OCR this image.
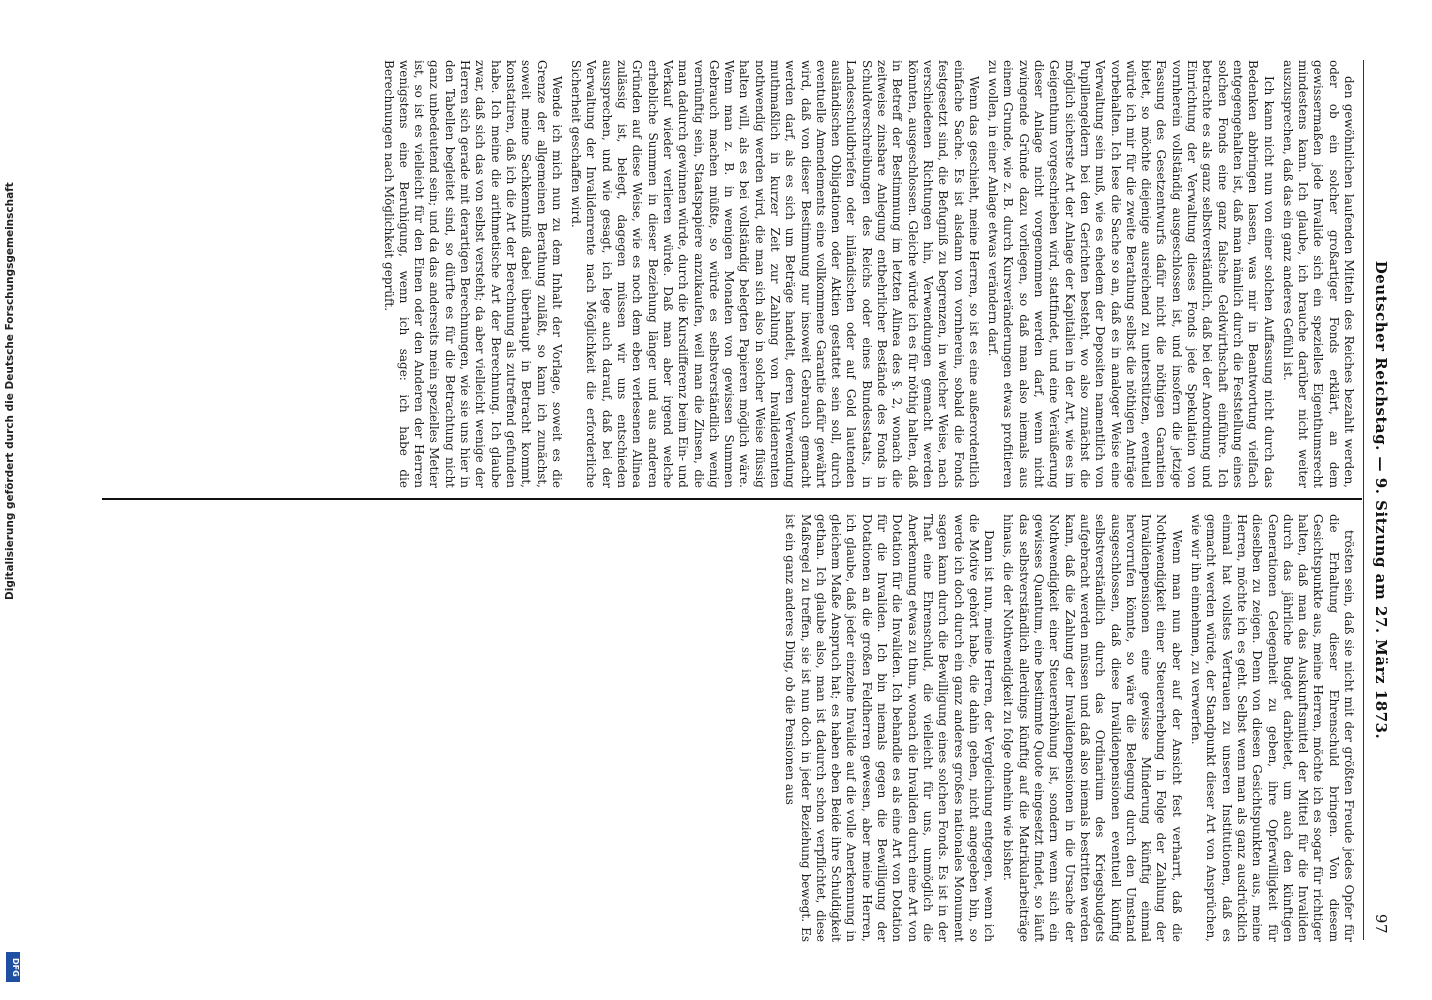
Deutscher Reichstag. — 9. Sitzung am 27. März 1873.
97

den gewöhnlichen laufenden Mitteln des Reiches bezahlt werden, oder ob ein solcher großartiger Fonds erklärt, an dem gewissermaßen jede Invalide sich ein spezielles Eigenthumsrecht mindestens kann. Ich glaube, ich brauche darüber nicht weiter auszusprechen, daß das ein ganz anderes Gefühl ist.

Ich kann nicht nun von einer solchen Auffassung nicht durch das Bedenken abbringen lassen, was mir in Beantwortung vielfach entgegengehalten ist, daß man nämlich durch die Feststellung eines solchen Fonds eine ganz falsche Geldwirthschaft einführe. Ich betrachte es als ganz selbstverständlich, daß bei der Anordnung und Einrichtung der Verwaltung dieses Fonds jede Spekulation von vornherein vollständig ausgeschlossen ist, und insofern die jetzige Fassung des Gesetzentwurfs dafür nicht die nöthigen Garantien bietet, so möchte diejenige ausreichend zu unterstützen, eventuell würde ich mir für die zweite Berathung selbst die nöthigen Anträge vorbehalten. Ich lese die Sache so an, daß es in analoger Weise eine Verwaltung sein muß, wie es ehedem der Depositen namentlich von Pupillengeldern bei den Gerichten besteht, wo also zunächst die möglich sicherste Art der Anlage der Kapitalien in der Art, wie es im Geigenthum vorgeschrieben wird, stattfindet, und eine Veräußerung dieser Anlage nicht vorgenommen werden darf, wenn nicht zwingende Gründe dazu vorliegen, so daß man also niemals aus einem Grunde, wie z. B. durch Kursveränderungen etwas profitieren zu wollen, in einer Anlage etwas verändern darf.

Wenn das geschieht, meine Herren, so ist es eine außerordentlich einfache Sache. Es ist alsdann von vornherein, sobald die Fonds festgesetzt sind, die Befugniß zu begrenzen, in welcher Weise, nach verschiedenen Richtungen hin, Verwendungen gemacht werden könnten, ausgeschlossen. Gleiche würde ich es für nöthig halten, daß in Betreff der Bestimmung im letzten Alinea des §. 2, wonach die zeitweise zinsbare Anlegung entbehrlicher Bestände des Fonds in Schuldverschreibungen des Reichs oder eines Bundesstaats, in Landesschuldbriefen oder inländischen oder auf Gold lautenden ausländischen Obligationen oder Aktien gestattet sein soll, durch eventuelle Amendements eine vollkommene Garantie dafür gewährt wird, daß von dieser Bestimmung nur insoweit Gebrauch gemacht werden darf, als es sich um Beträge handelt, deren Verwendung muthmaßlich in kurzer Zeit zur Zahlung von Invalidenrenten nothwendig werden wird, die man sich also in solcher Weise flüssig halten will, als es bei vollständig belegten Papieren möglich wäre. Wenn man z. B. in wenigen Monaten von gewissen Summen Gebrauch machen müßte, so würde es selbstverständlich wenig vernünftig sein, Staatspapiere anzukaufen, weil man die Zinsen, die man dadurch gewinnen würde, durch die Kursdifferenz beim Ein- und Verkauf wieder verlieren würde. Daß man aber irgend welche erhebliche Summen in dieser Beziehung länger und aus anderen Gründen auf diese Weise, wie es noch dem eben verlesenen Alinea zulässig ist, belegt, dagegen müssen wir uns entschieden aussprechen, und wie gesagt, ich lege auch darauf, daß bei der Verwaltung der Invalidenrente nach Möglichkeit die erforderliche Sicherheit geschaffen wird.

Wende ich mich nun zu dem Inhalt der Vorlage, soweit es die Grenze der allgemeinen Berathung zuläßt, so kann ich zunächst, soweit meine Sachkenntniß dabei überhaupt in Betracht kommt, konstatiren, daß ich die Art der Berechnung als zutreffend gefunden habe. Ich meine die arithmetische Art der Berechnung. Ich glaube zwar, daß sich das von selbst versteht; da aber vielleicht wenige der Herren sich gerade mit derartigen Berechnungen, wie sie uns hier in den Tabellen begleitet sind, so dürfte es für die Betrachtung nicht ganz unbedeutend sein; und da das anderseits mein spezielles Metier ist, so ist es vielleicht für den Einen oder den Anderen der Herren wenigstens eine Beruhigung, wenn ich sage: ich habe die Berechnungen nach Möglichkeit geprüft.

trösten sein, daß sie nicht mit der größten Freude jedes Opfer für die Erhaltung dieser Ehrenschuld bringen. Von diesem Gesichtspunkte aus, meine Herren, möchte ich es sogar für richtiger halten, daß man das Auskunftsmittel der Mittel für die Invaliden durch das jährliche Budget darbietet, um auch den künftigen Generationen Gelegenheit zu geben, ihre Opferwilligkeit für dieselben zu zeigen. Denn von diesen Gesichtspunkten aus, meine Herren, möchte ich es geht. Selbst wenn man als ganz ausdrücklich einmal hat vollstes Vertrauen zu unseren Institutionen, daß es gemacht werden würde, der Standpunkt dieser Art von Ansprüchen, wie wir ihn einnehmen, zu verwerfen.

Wenn man nun aber auf der Ansicht fest verharrt, daß die Nothwendigkeit einer Steuererhebung in Folge der Zahlung der Invalidenpensionen eine gewisse Minderung künftig einmal hervorrufen könnte, so wäre die Belegung durch den Umstand ausgeschlossen, daß diese Invalidenpensionen eventuell künftig selbstverständlich durch das Ordinarium des Kriegsbudgets aufgebracht werden müssen und daß also niemals bestritten werden kann, daß die Zahlung der Invalidenpensionen in die Ursache der Nothwendigkeit einer Steuererhöhung ist, sondern wenn sich ein gewisses Quantum, eine bestimmte Quote eingesetzt findet, so läuft das selbstverständlich allerdings künftig auf die Matrikularbeiträge hinaus, die der Nothwendigkeit zu folge ohnehin wie bisher.

Dann ist nun, meine Herren, der Vergleichung entgegen, wenn ich die Motive gehört habe, die dahin gehen, nicht angegeben bin, so werde ich doch durch ein ganz anderes großes nationales Monument sagen kann durch die Bewilligung eines solchen Fonds. Es ist in der That eine Ehrenschuld, die vielleicht für uns, unmöglich die Anerkennung etwas zu thun, wonach die Invaliden durch eine Art von Dotation für die Invaliden. Ich behandle es als eine Art von Dotation für die Invaliden. Ich bin niemals gegen die Bewilligung der Dotationen an die großen Feldherren gewesen, aber meine Herren, ich glaube, daß jeder einzelne Invalide auf die volle Anerkennung in gleichem Maße Anspruch hat; es haben eben Beide ihre Schuldigkeit gethan. Ich glaube also, man ist dadurch schon verpflichtet, diese Maßregel zu treffen, sie ist nun doch in jeder Beziehung bewegt. Es ist ein ganz anderes Ding, ob die Pensionen aus

Digitalisierung gefördert durch die Deutsche Forschungsgemeinschaft
DFG
